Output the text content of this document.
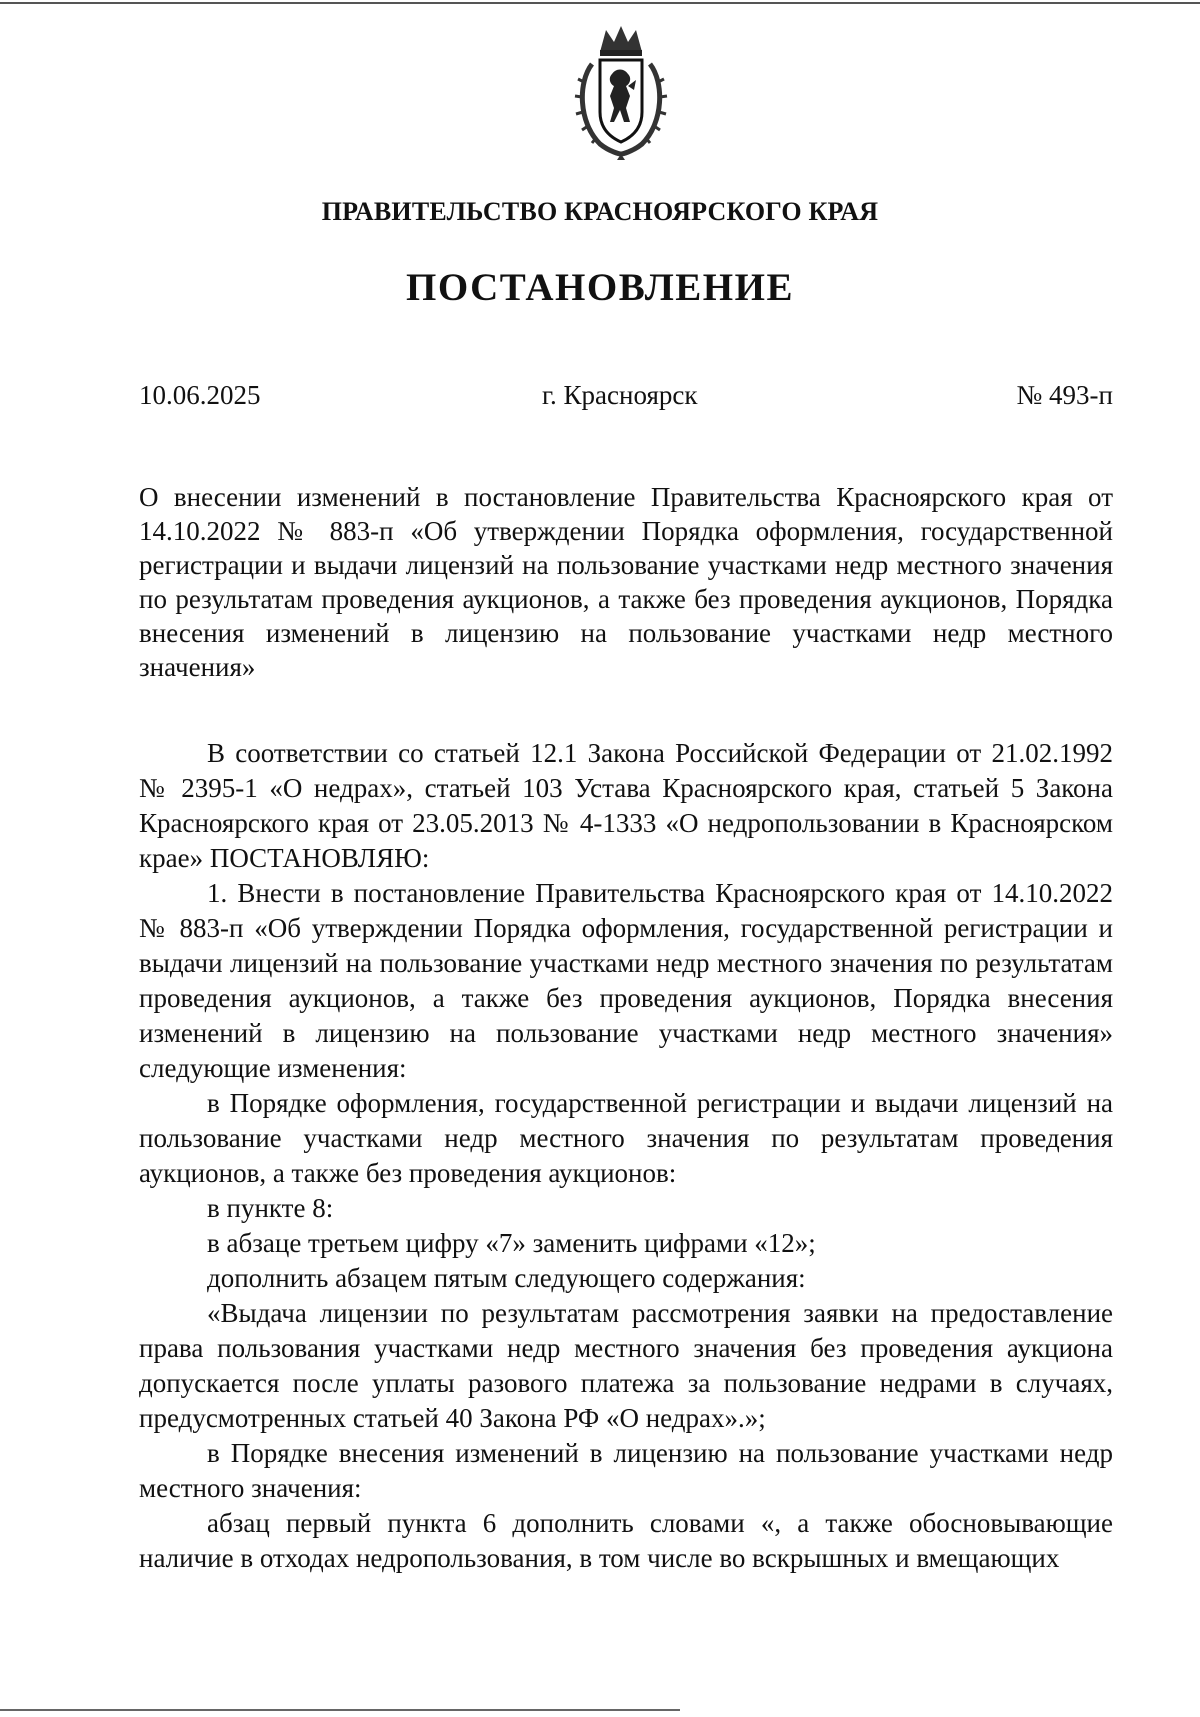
ПРАВИТЕЛЬСТВО КРАСНОЯРСКОГО КРАЯ
ПОСТАНОВЛЕНИЕ
10.06.2025	г. Красноярск	№ 493-п
О внесении изменений в постановление Правительства Красноярского края от 14.10.2022 № 883-п «Об утверждении Порядка оформления, государственной регистрации и выдачи лицензий на пользование участками недр местного значения по результатам проведения аукционов, а также без проведения аукционов, Порядка внесения изменений в лицензию на пользование участками недр местного значения»

В соответствии со статьей 12.1 Закона Российской Федерации от 21.02.1992 № 2395-1 «О недрах», статьей 103 Устава Красноярского края, статьей 5 Закона Красноярского края от 23.05.2013 № 4-1333 «О недропользовании в Красноярском крае» ПОСТАНОВЛЯЮ:

1. Внести в постановление Правительства Красноярского края от 14.10.2022 № 883-п «Об утверждении Порядка оформления, государственной регистрации и выдачи лицензий на пользование участками недр местного значения по результатам проведения аукционов, а также без проведения аукционов, Порядка внесения изменений в лицензию на пользование участками недр местного значения» следующие изменения:

в Порядке оформления, государственной регистрации и выдачи лицензий на пользование участками недр местного значения по результатам проведения аукционов, а также без проведения аукционов:

в пункте 8:

в абзаце третьем цифру «7» заменить цифрами «12»;

дополнить абзацем пятым следующего содержания:

«Выдача лицензии по результатам рассмотрения заявки на предоставление права пользования участками недр местного значения без проведения аукциона допускается после уплаты разового платежа за пользование недрами в случаях, предусмотренных статьей 40 Закона РФ «О недрах».»;

в Порядке внесения изменений в лицензию на пользование участками недр местного значения:

абзац первый пункта 6 дополнить словами «, а также обосновывающие наличие в отходах недропользования, в том числе во вскрышных и вмещающих
